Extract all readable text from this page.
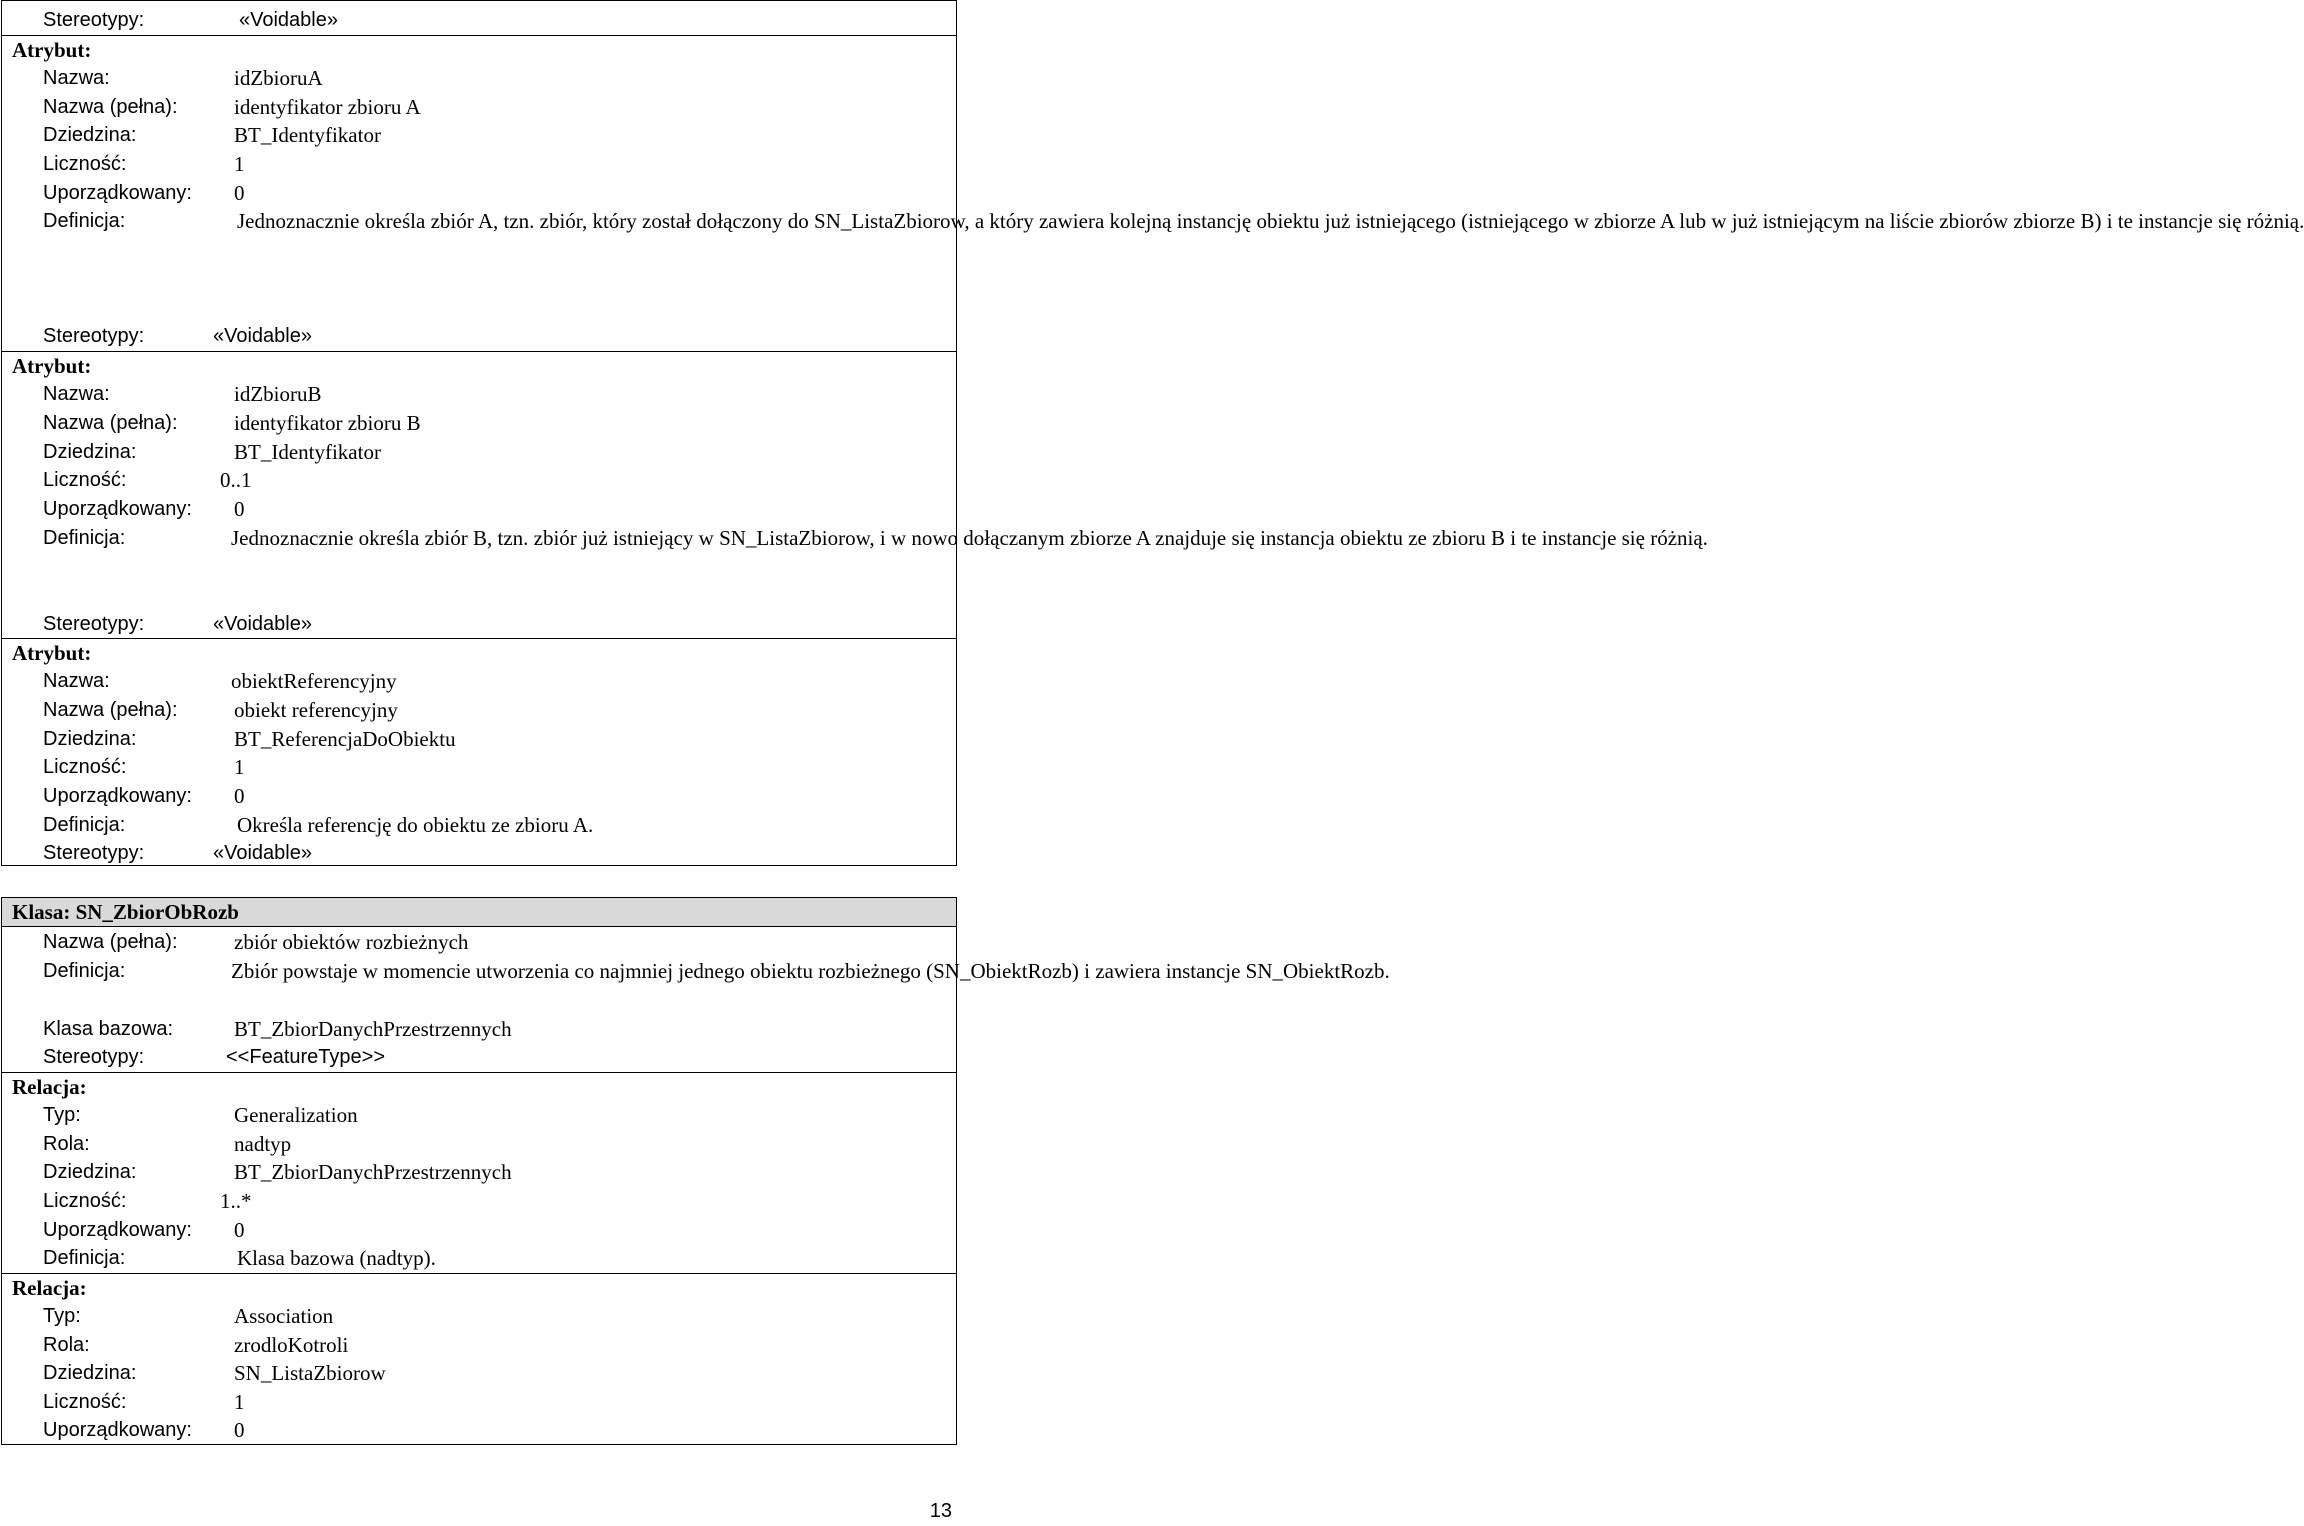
Stereotypy:	«Voidable»
Atrybut:
Nazwa:	idZbioruA
Nazwa (pełna):	identyfikator zbioru A
Dziedzina:	BT_Identyfikator
Liczność:	1
Uporządkowany: 0
Definicja:	Jednoznacznie określa zbiór A, tzn. zbiór, który został dołączony do SN_ListaZbiorow, a który zawiera kolejną instancję obiektu już istniejącego (istniejącego w zbiorze A lub w już istniejącym na liście zbiorów zbiorze B) i te instancje się różnią.
Stereotypy:	«Voidable»
Atrybut:
Nazwa:	idZbioruB
Nazwa (pełna):	identyfikator zbioru B
Dziedzina:	BT_Identyfikator
Liczność:	0..1
Uporządkowany: 0
Definicja:	Jednoznacznie określa zbiór B, tzn. zbiór już istniejący w SN_ListaZbiorow, i w nowo dołączanym zbiorze A znajduje się instancja obiektu ze zbioru B i te instancje się różnią.
Stereotypy:	«Voidable»
Atrybut:
Nazwa:	obiektReferencyjny
Nazwa (pełna):	obiekt referencyjny
Dziedzina:	BT_ReferencjaDoObiektu
Liczność:	1
Uporządkowany: 0
Definicja:	Określa referencję do obiektu ze zbioru A.
Stereotypy:	«Voidable»
Klasa: SN_ZbiorObRozb
Nazwa (pełna):	zbiór obiektów rozbieżnych
Definicja:	Zbiór powstaje w momencie utworzenia co najmniej jednego obiektu rozbieżnego (SN_ObiektRozb) i zawiera instancje SN_ObiektRozb.
Klasa bazowa:	BT_ZbiorDanychPrzestrzennych
Stereotypy:	<<FeatureType>>
Relacja:
Typ:	Generalization
Rola:	nadtyp
Dziedzina:	BT_ZbiorDanychPrzestrzennych
Liczność:	1..*
Uporządkowany: 0
Definicja:	Klasa bazowa (nadtyp).
Relacja:
Typ:	Association
Rola:	zrodloKotroli
Dziedzina:	SN_ListaZbiorow
Liczność:	1
Uporządkowany: 0
13
